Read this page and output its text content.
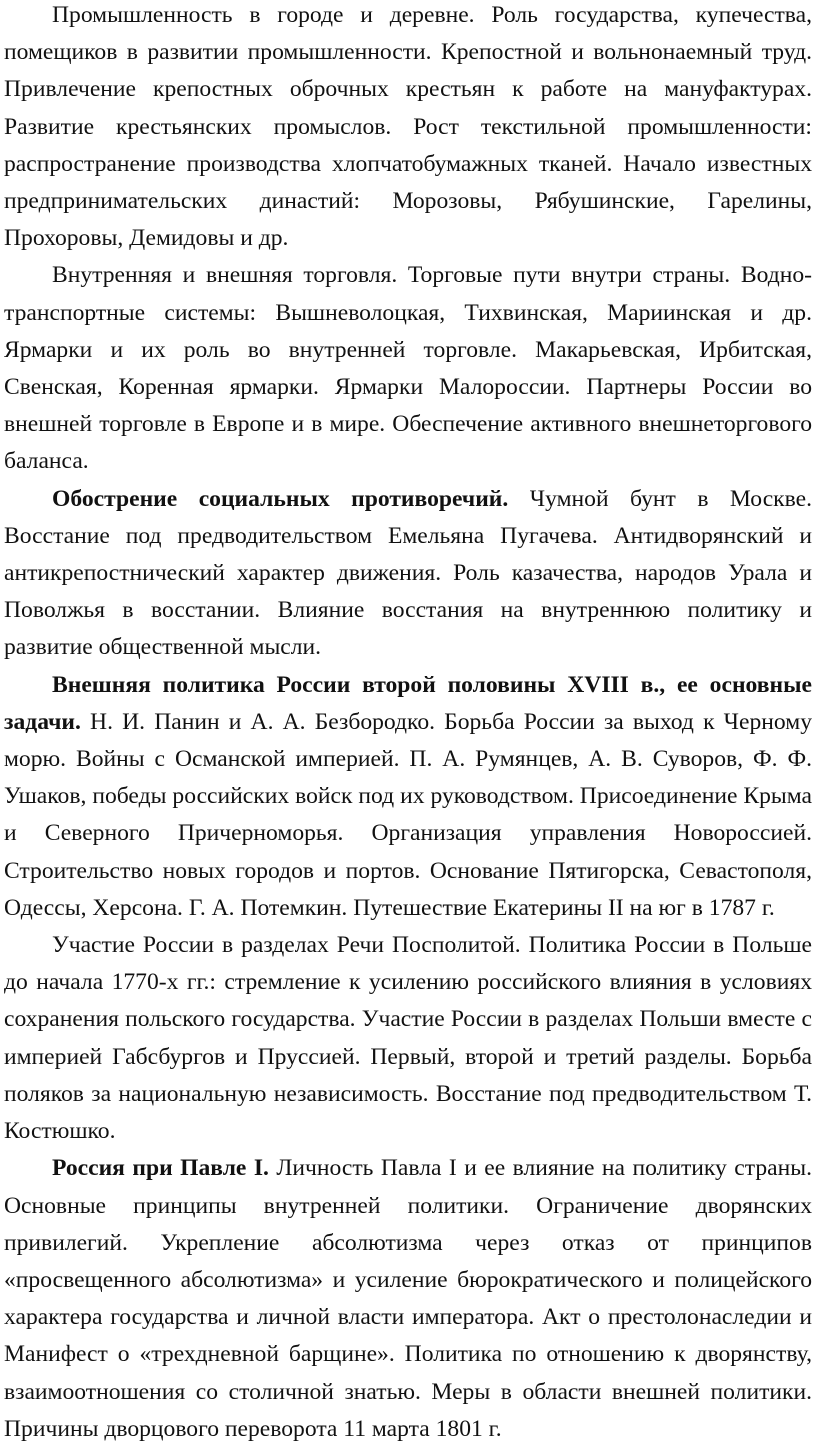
Промышленность в городе и деревне. Роль государства, купечества, помещиков в развитии промышленности. Крепостной и вольнонаемный труд. Привлечение крепостных оброчных крестьян к работе на мануфактурах. Развитие крестьянских промыслов. Рост текстильной промышленности: распространение производства хлопчатобумажных тканей. Начало известных предпринимательских династий: Морозовы, Рябушинские, Гарелины, Прохоровы, Демидовы и др.

Внутренняя и внешняя торговля. Торговые пути внутри страны. Водно-транспортные системы: Вышневолоцкая, Тихвинская, Мариинская и др. Ярмарки и их роль во внутренней торговле. Макарьевская, Ирбитская, Свенская, Коренная ярмарки. Ярмарки Малороссии. Партнеры России во внешней торговле в Европе и в мире. Обеспечение активного внешнеторгового баланса.

Обострение социальных противоречий. Чумной бунт в Москве. Восстание под предводительством Емельяна Пугачева. Антидворянский и антикрепостнический характер движения. Роль казачества, народов Урала и Поволжья в восстании. Влияние восстания на внутреннюю политику и развитие общественной мысли.

Внешняя политика России второй половины XVIII в., ее основные задачи. Н. И. Панин и А. А. Безбородко. Борьба России за выход к Черному морю. Войны с Османской империей. П. А. Румянцев, А. В. Суворов, Ф. Ф. Ушаков, победы российских войск под их руководством. Присоединение Крыма и Северного Причерноморья. Организация управления Новороссией. Строительство новых городов и портов. Основание Пятигорска, Севастополя, Одессы, Херсона. Г. А. Потемкин. Путешествие Екатерины II на юг в 1787 г.

Участие России в разделах Речи Посполитой. Политика России в Польше до начала 1770-х гг.: стремление к усилению российского влияния в условиях сохранения польского государства. Участие России в разделах Польши вместе с империей Габсбургов и Пруссией. Первый, второй и третий разделы. Борьба поляков за национальную независимость. Восстание под предводительством Т. Костюшко.

Россия при Павле I. Личность Павла I и ее влияние на политику страны. Основные принципы внутренней политики. Ограничение дворянских привилегий. Укрепление абсолютизма через отказ от принципов «просвещенного абсолютизма» и усиление бюрократического и полицейского характера государства и личной власти императора. Акт о престолонаследии и Манифест о «трехдневной барщине». Политика по отношению к дворянству, взаимоотношения со столичной знатью. Меры в области внешней политики. Причины дворцового переворота 11 марта 1801 г.
